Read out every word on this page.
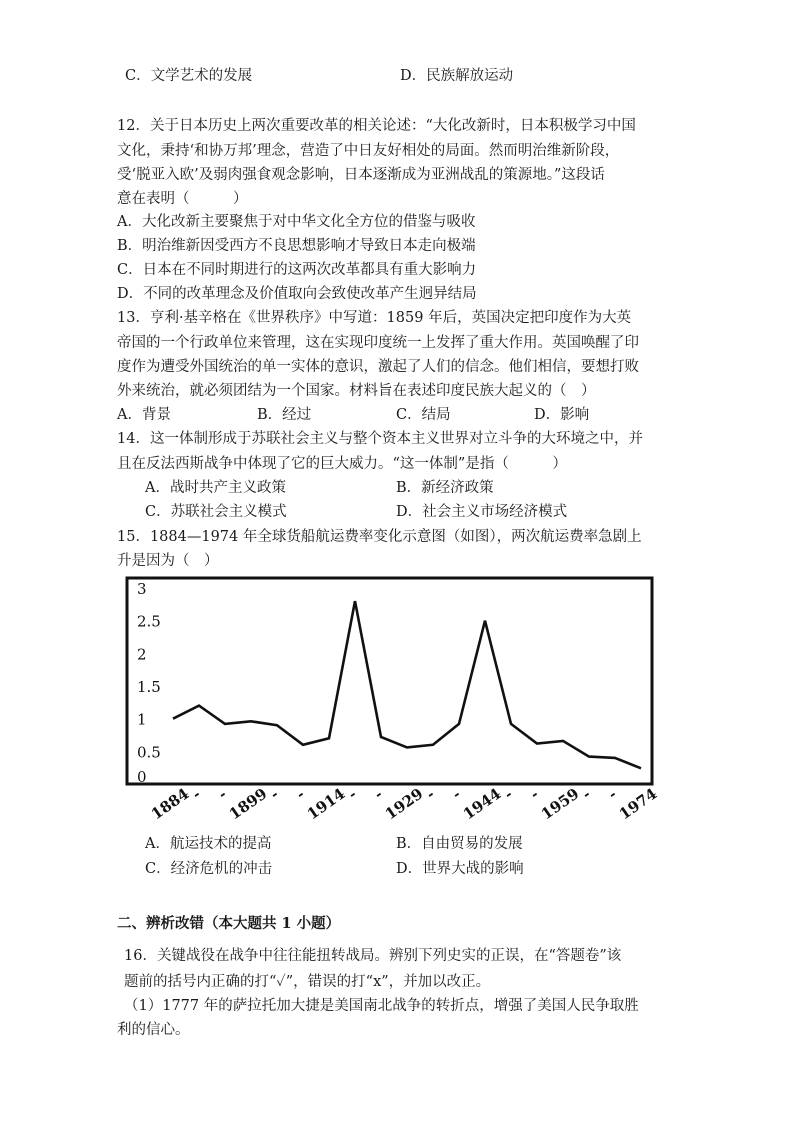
C．文学艺术的发展	D．民族解放运动
12．关于日本历史上两次重要改革的相关论述：“大化改新时，日本积极学习中国
文化，秉持‘和协万邦’理念，营造了中日友好相处的局面。然而明治维新阶段，
受‘脱亚入欧’及弱肉强食观念影响，日本逐渐成为亚洲战乱的策源地。”这段话
意在表明（　　　）
A．大化改新主要聚焦于对中华文化全方位的借鉴与吸收
B．明治维新因受西方不良思想影响才导致日本走向极端
C．日本在不同时期进行的这两次改革都具有重大影响力
D．不同的改革理念及价值取向会致使改革产生迥异结局
13．亨利·基辛格在《世界秩序》中写道：1859 年后，英国决定把印度作为大英
帝国的一个行政单位来管理，这在实现印度统一上发挥了重大作用。英国唤醒了印
度作为遭受外国统治的单一实体的意识，激起了人们的信念。他们相信，要想打败
外来统治，就必须团结为一个国家。材料旨在表述印度民族大起义的（　）
A．背景	B．经过	C．结局	D．影响
14．这一体制形成于苏联社会主义与整个资本主义世界对立斗争的大环境之中，并
且在反法西斯战争中体现了它的巨大威力。“这一体制”是指（　　　）
A．战时共产主义政策	B．新经济政策
C．苏联社会主义模式	D．社会主义市场经济模式
15．1884—1974 年全球货船航运费率变化示意图（如图），两次航运费率急剧上
升是因为（　）
3
2.5
2
1.5
1
0.5
0
1884
- -
1899
- -
1914
- -
1929
- -
1944
- -
1959
- -
1974
A．航运技术的提高	B．自由贸易的发展
C．经济危机的冲击	D．世界大战的影响
二、辨析改错（本大题共 1 小题）
16．关键战役在战争中往往能扭转战局。辨别下列史实的正误，在“答题卷”该
题前的括号内正确的打“✓”，错误的打“x”，并加以改正。
（1）1777 年的萨拉托加大捷是美国南北战争的转折点，增强了美国人民争取胜
利的信心。
